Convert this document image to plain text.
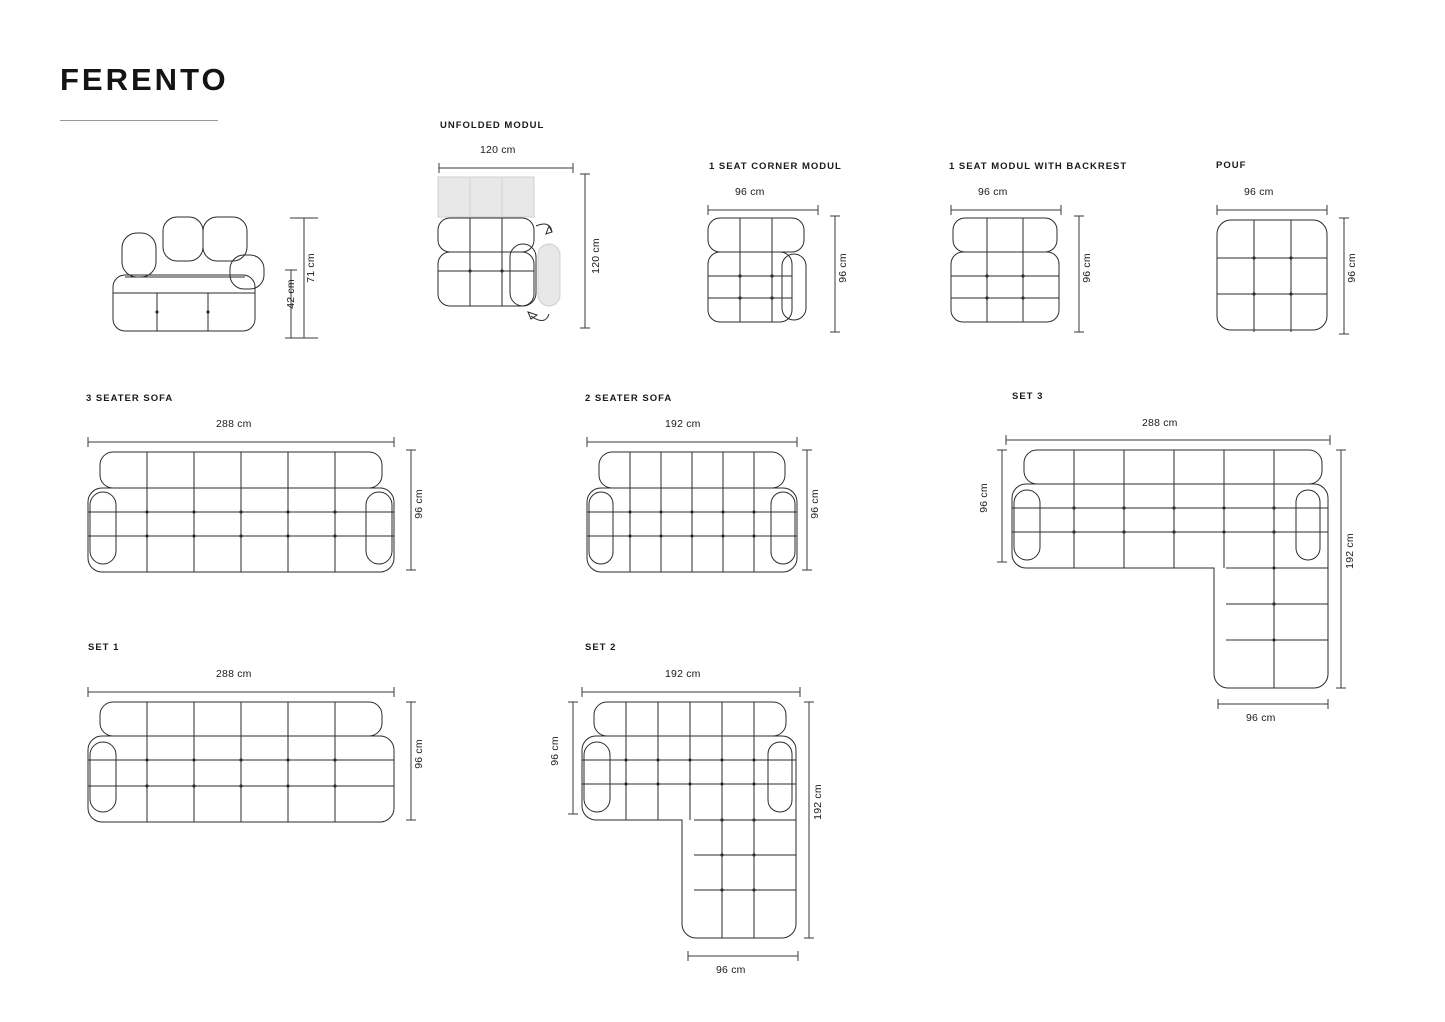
FERENTO
71 cm
42 cm
UNFOLDED MODUL
120 cm
120 cm
1 SEAT CORNER MODUL
96 cm
96 cm
1 SEAT MODUL WITH BACKREST
96 cm
96 cm
POUF
96 cm
96 cm
3 SEATER SOFA
288 cm
96 cm
2 SEATER SOFA
192 cm
96 cm
SET 3
288 cm
96 cm
192 cm
96 cm
SET 1
288 cm
96 cm
SET 2
192 cm
96 cm
192 cm
96 cm
